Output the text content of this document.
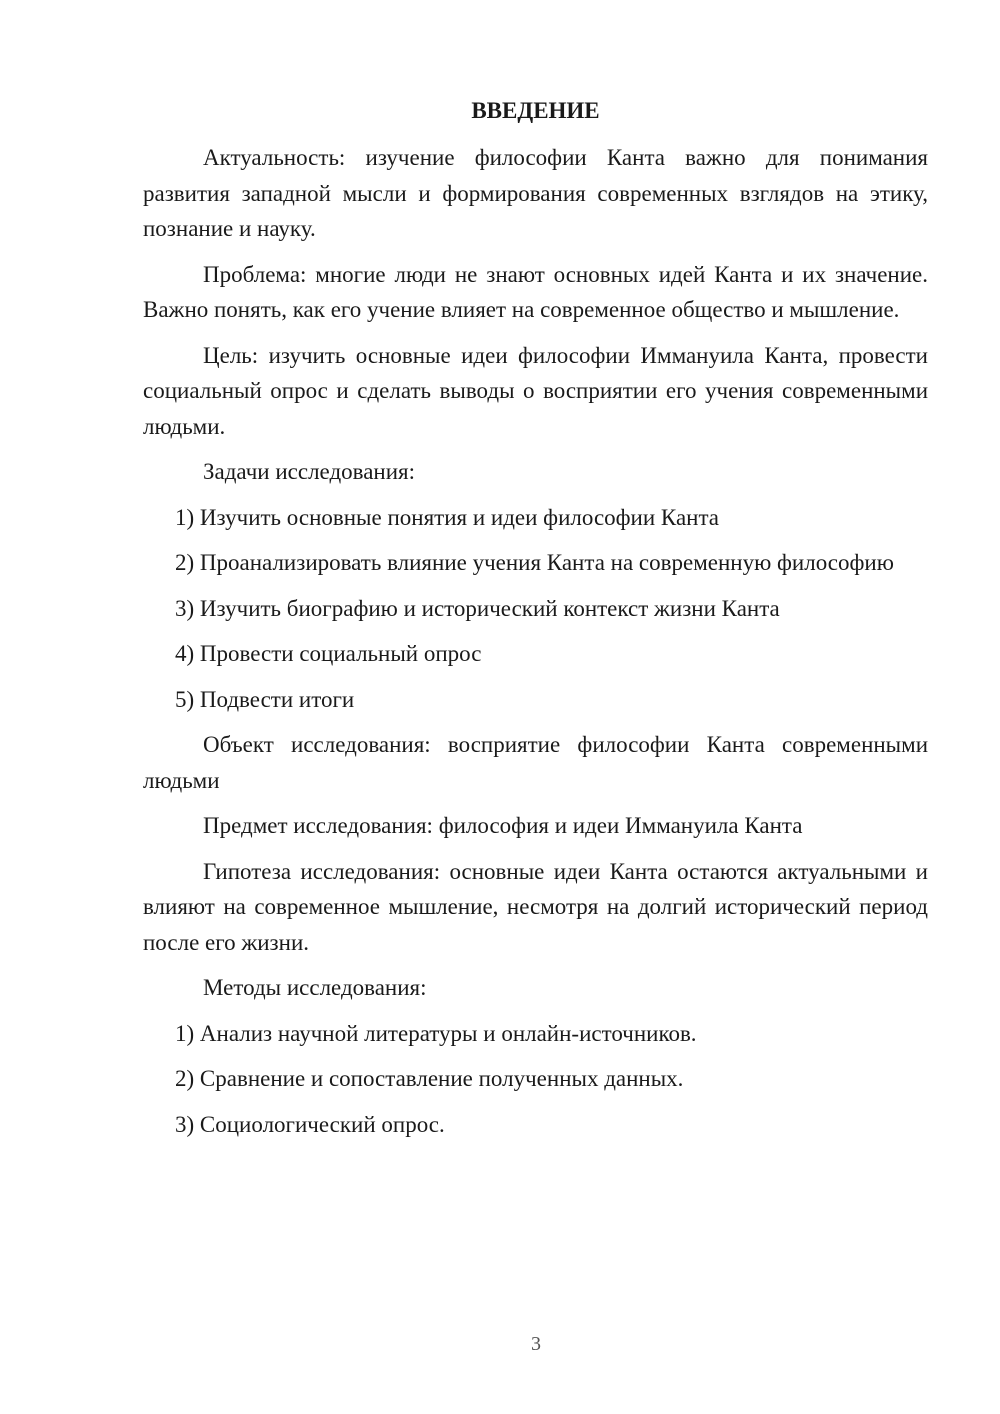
ВВЕДЕНИЕ

Актуальность: изучение философии Канта важно для понимания развития западной мысли и формирования современных взглядов на этику, познание и науку.

Проблема: многие люди не знают основных идей Канта и их значение. Важно понять, как его учение влияет на современное общество и мышление.

Цель: изучить основные идеи философии Иммануила Канта, провести социальный опрос и сделать выводы о восприятии его учения современными людьми.

Задачи исследования:

1) Изучить основные понятия и идеи философии Канта

2) Проанализировать влияние учения Канта на современную философию

3) Изучить биографию и исторический контекст жизни Канта

4) Провести социальный опрос

5) Подвести итоги

Объект исследования: восприятие философии Канта современными людьми

Предмет исследования: философия и идеи Иммануила Канта

Гипотеза исследования: основные идеи Канта остаются актуальными и влияют на современное мышление, несмотря на долгий исторический период после его жизни.

Методы исследования:

1) Анализ научной литературы и онлайн-источников.

2) Сравнение и сопоставление полученных данных.

3) Социологический опрос.

3
